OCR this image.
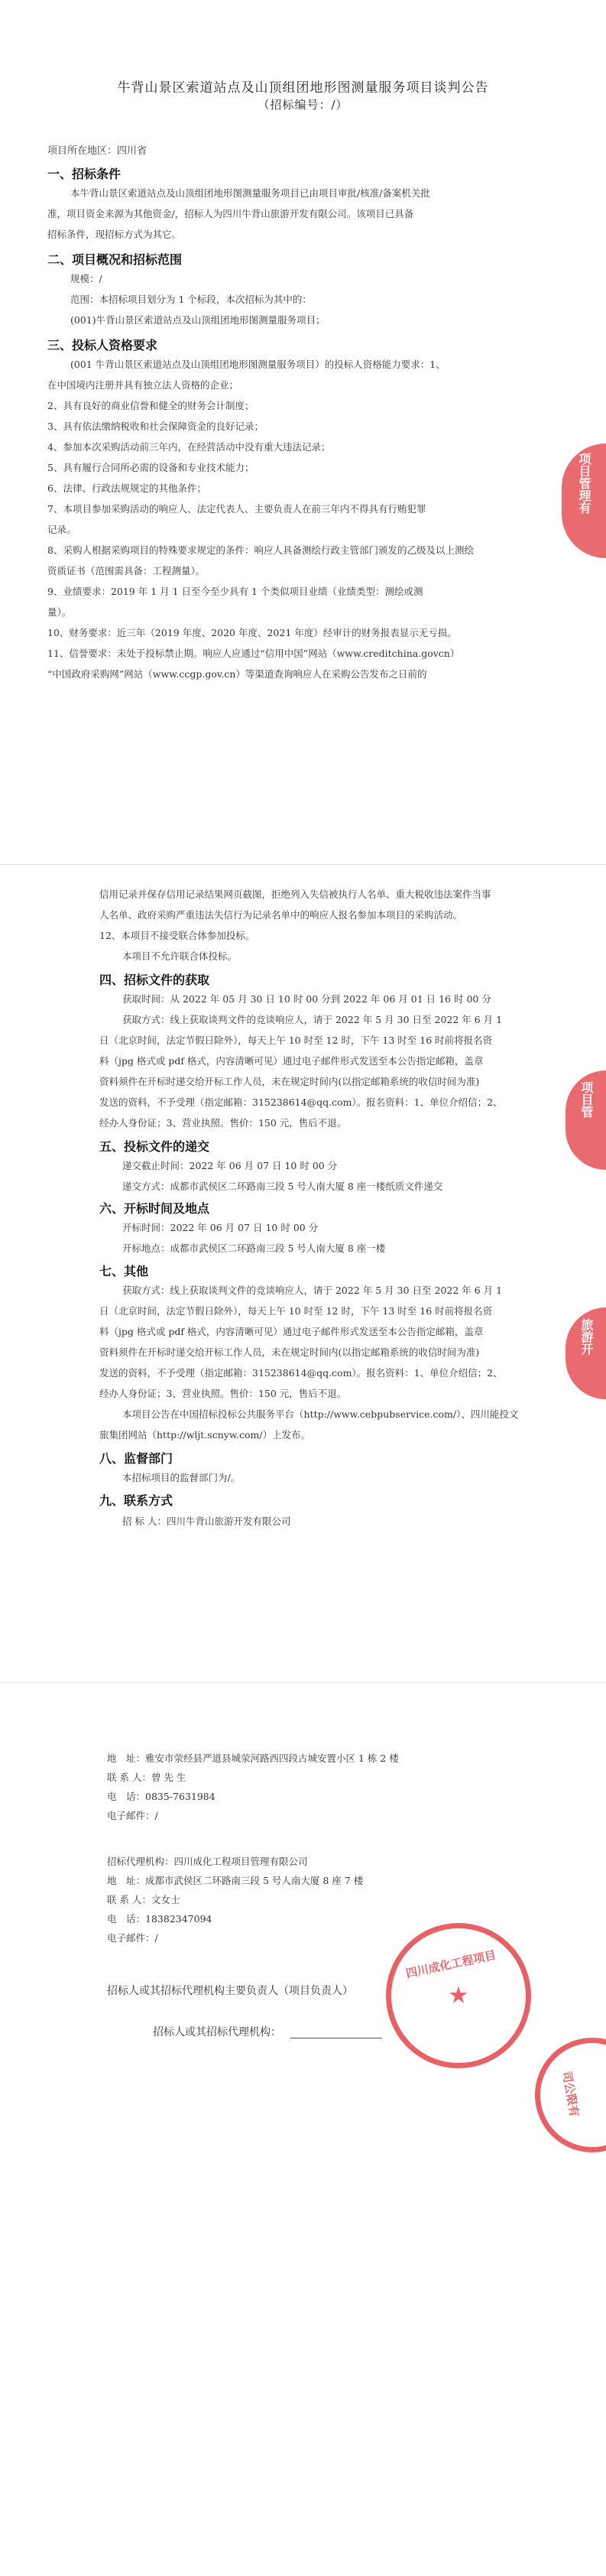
牛背山景区索道站点及山顶组团地形图测量服务项目谈判公告
（招标编号：/）
项目所在地区：四川省
一、招标条件
本牛背山景区索道站点及山顶组团地形图测量服务项目已由项目审批/核准/备案机关批
准，项目资金来源为其他资金/，招标人为四川牛背山旅游开发有限公司。该项目已具备
招标条件，现招标方式为其它。
二、项目概况和招标范围
规模：/
范围：本招标项目划分为 1 个标段，本次招标为其中的：
(001)牛背山景区索道站点及山顶组团地形图测量服务项目；
三、投标人资格要求
(001 牛背山景区索道站点及山顶组团地形图测量服务项目）的投标人资格能力要求：1、
在中国境内注册并具有独立法人资格的企业；
2、具有良好的商业信誉和健全的财务会计制度；
3、具有依法缴纳税收和社会保障资金的良好记录；
4、参加本次采购活动前三年内，在经营活动中没有重大违法记录；
5、具有履行合同所必需的设备和专业技术能力；
6、法律、行政法规规定的其他条件；
7、本项目参加采购活动的响应人、法定代表人、主要负责人在前三年内不得具有行贿犯罪
记录。
8、采购人根据采购项目的特殊要求规定的条件：响应人具备测绘行政主管部门颁发的乙级及以上测绘
资质证书（范围需具备：工程测量）。
9、业绩要求：2019 年 1 月 1 日至今至少具有 1 个类似项目业绩（业绩类型：测绘或测
量）。
10、财务要求：近三年（2019 年度、2020 年度、2021 年度）经审计的财务报表显示无亏损。
11、信誉要求：未处于投标禁止期。响应人应通过“信用中国”网站（www.creditchina.govcn）
“中国政府采购网”网站（www.ccgp.gov.cn）等渠道查询响应人在采购公告发布之日前的
项目管理有
信用记录并保存信用记录结果网页截图，拒绝列入失信被执行人名单、重大税收违法案件当事
人名单、政府采购严重违法失信行为记录名单中的响应人报名参加本项目的采购活动。
12、本项目不接受联合体参加投标。
本项目不允许联合体投标。
四、招标文件的获取
获取时间：从 2022 年 05 月 30 日 10 时 00 分到 2022 年 06 月 01 日 16 时 00 分
获取方式：线上获取谈判文件的竞谈响应人，请于 2022 年 5 月 30 日至 2022 年 6 月 1
日（北京时间，法定节假日除外），每天上午 10 时至 12 时，下午 13 时至 16 时前将报名资
料（jpg 格式或 pdf 格式，内容清晰可见）通过电子邮件形式发送至本公告指定邮箱，盖章
资料须件在开标时递交给开标工作人员，未在规定时间内(以指定邮箱系统的收信时间为准)
发送的资料，不予受理（指定邮箱：315238614@qq.com）。报名资料：1、单位介绍信；2、
经办人身份证；3、营业执照。售价：150 元，售后不退。
五、投标文件的递交
递交截止时间：2022 年 06 月 07 日 10 时 00 分
递交方式：成都市武侯区二环路南三段 5 号人南大厦 8 座一楼纸质文件递交
六、开标时间及地点
开标时间：2022 年 06 月 07 日 10 时 00 分
开标地点：成都市武侯区二环路南三段 5 号人南大厦 8 座一楼
七、其他
获取方式：线上获取谈判文件的竞谈响应人，请于 2022 年 5 月 30 日至 2022 年 6 月 1
日（北京时间，法定节假日除外），每天上午 10 时至 12 时，下午 13 时至 16 时前将报名资
料（jpg 格式或 pdf 格式，内容清晰可见）通过电子邮件形式发送至本公告指定邮箱，盖章
资料须件在开标时递交给开标工作人员，未在规定时间内(以指定邮箱系统的收信时间为准)
发送的资料，不予受理（指定邮箱：315238614@qq.com）。报名资料：1、单位介绍信；2、
经办人身份证；3、营业执照。售价：150 元，售后不退。
本项目公告在中国招标投标公共服务平台（http://www.cebpubservice.com/）、四川能投文
旅集团网站（http://wljt.scnyw.com/）上发布。
八、监督部门
本招标项目的监督部门为/。
九、联系方式
招 标 人：四川牛背山旅游开发有限公司
项目管
旅游开
地　址：雅安市荥经县严道县城荥河路西四段古城安置小区 1 栋 2 楼
联 系 人：曾 先 生
电　话：0835-7631984
电子邮件：/
招标代理机构：四川成化工程项目管理有限公司
地　址：成都市武侯区二环路南三段 5 号人南大厦 8 座 7 楼
联 系 人：文女士
电　话：18382347094
电子邮件：/
招标人或其招标代理机构主要负责人（项目负责人）
招标人或其招标代理机构：
★
四川成化工程项目
司公限有
